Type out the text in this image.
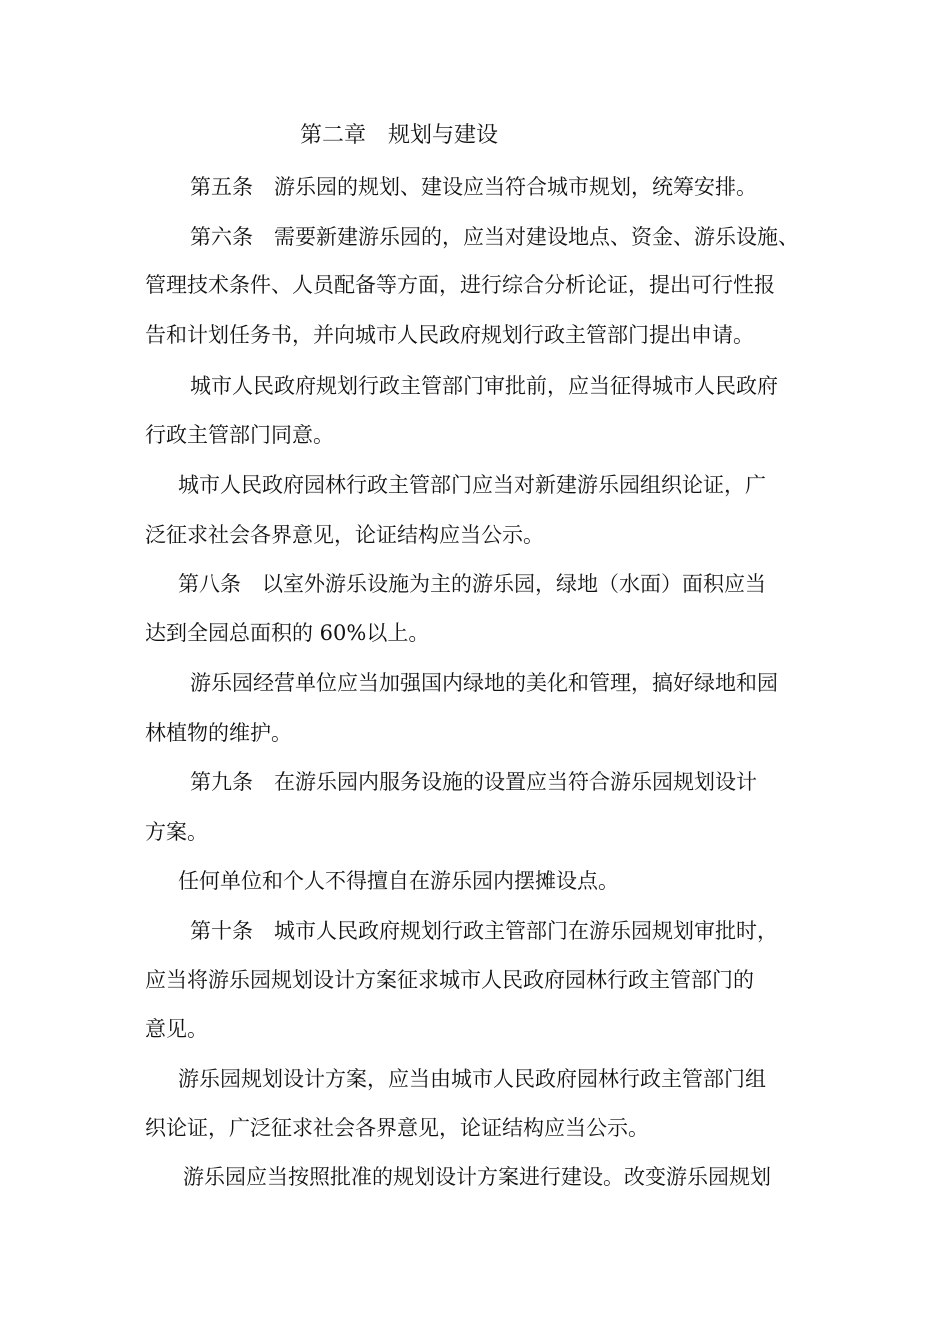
第二章　规划与建设
第五条　游乐园的规划、建设应当符合城市规划，统筹安排。
第六条　需要新建游乐园的，应当对建设地点、资金、游乐设施、
管理技术条件、人员配备等方面，进行综合分析论证，提出可行性报
告和计划任务书，并向城市人民政府规划行政主管部门提出申请。
城市人民政府规划行政主管部门审批前，应当征得城市人民政府
行政主管部门同意。
城市人民政府园林行政主管部门应当对新建游乐园组织论证，广
泛征求社会各界意见，论证结构应当公示。
第八条　以室外游乐设施为主的游乐园，绿地（水面）面积应当
达到全园总面积的 60%以上。
游乐园经营单位应当加强国内绿地的美化和管理，搞好绿地和园
林植物的维护。
第九条　在游乐园内服务设施的设置应当符合游乐园规划设计
方案。
任何单位和个人不得擅自在游乐园内摆摊设点。
第十条　城市人民政府规划行政主管部门在游乐园规划审批时，
应当将游乐园规划设计方案征求城市人民政府园林行政主管部门的
意见。
游乐园规划设计方案，应当由城市人民政府园林行政主管部门组
织论证，广泛征求社会各界意见，论证结构应当公示。
游乐园应当按照批准的规划设计方案进行建设。改变游乐园规划
